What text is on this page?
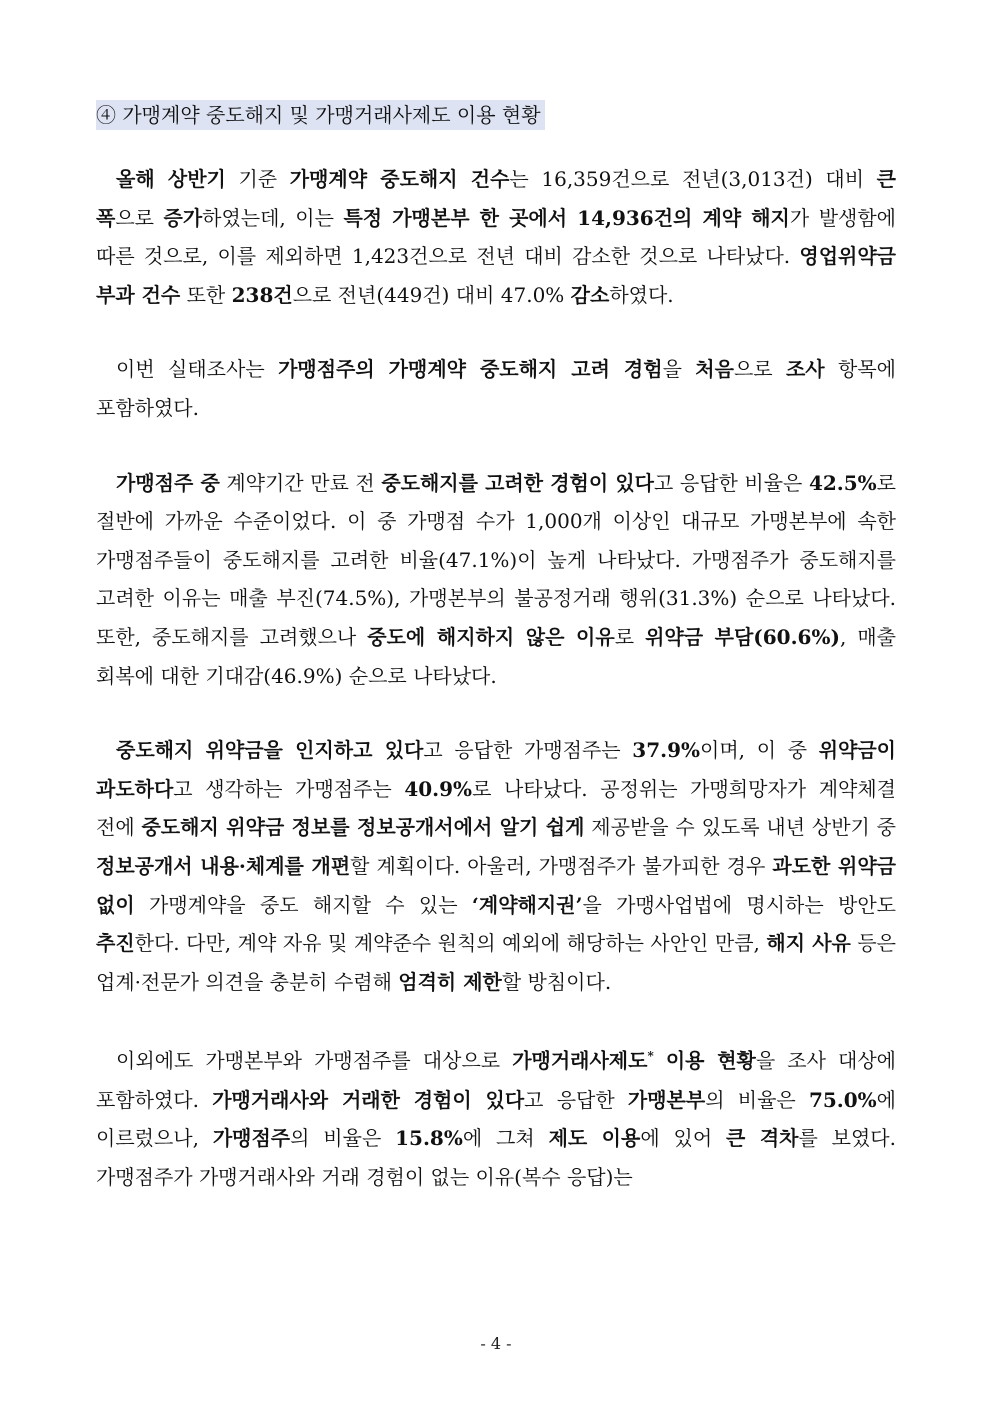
④ 가맹계약 중도해지 및 가맹거래사제도 이용 현황

올해 상반기 기준 가맹계약 중도해지 건수는 16,359건으로 전년(3,013건) 대비 큰 폭으로 증가하였는데, 이는 특정 가맹본부 한 곳에서 14,936건의 계약 해지가 발생함에 따른 것으로, 이를 제외하면 1,423건으로 전년 대비 감소한 것으로 나타났다. 영업위약금 부과 건수 또한 238건으로 전년(449건) 대비 47.0% 감소하였다.

이번 실태조사는 가맹점주의 가맹계약 중도해지 고려 경험을 처음으로 조사 항목에 포함하였다.

가맹점주 중 계약기간 만료 전 중도해지를 고려한 경험이 있다고 응답한 비율은 42.5%로 절반에 가까운 수준이었다. 이 중 가맹점 수가 1,000개 이상인 대규모 가맹본부에 속한 가맹점주들이 중도해지를 고려한 비율(47.1%)이 높게 나타났다. 가맹점주가 중도해지를 고려한 이유는 매출 부진(74.5%), 가맹본부의 불공정거래 행위(31.3%) 순으로 나타났다. 또한, 중도해지를 고려했으나 중도에 해지하지 않은 이유로 위약금 부담(60.6%), 매출 회복에 대한 기대감(46.9%) 순으로 나타났다.

중도해지 위약금을 인지하고 있다고 응답한 가맹점주는 37.9%이며, 이 중 위약금이 과도하다고 생각하는 가맹점주는 40.9%로 나타났다. 공정위는 가맹희망자가 계약체결 전에 중도해지 위약금 정보를 정보공개서에서 알기 쉽게 제공받을 수 있도록 내년 상반기 중 정보공개서 내용·체계를 개편할 계획이다. 아울러, 가맹점주가 불가피한 경우 과도한 위약금 없이 가맹계약을 중도 해지할 수 있는 ‘계약해지권’을 가맹사업법에 명시하는 방안도 추진한다. 다만, 계약 자유 및 계약준수 원칙의 예외에 해당하는 사안인 만큼, 해지 사유 등은 업계·전문가 의견을 충분히 수렴해 엄격히 제한할 방침이다.

이외에도 가맹본부와 가맹점주를 대상으로 가맹거래사제도* 이용 현황을 조사 대상에 포함하였다. 가맹거래사와 거래한 경험이 있다고 응답한 가맹본부의 비율은 75.0%에 이르렀으나, 가맹점주의 비율은 15.8%에 그쳐 제도 이용에 있어 큰 격차를 보였다. 가맹점주가 가맹거래사와 거래 경험이 없는 이유(복수 응답)는

- 4 -
